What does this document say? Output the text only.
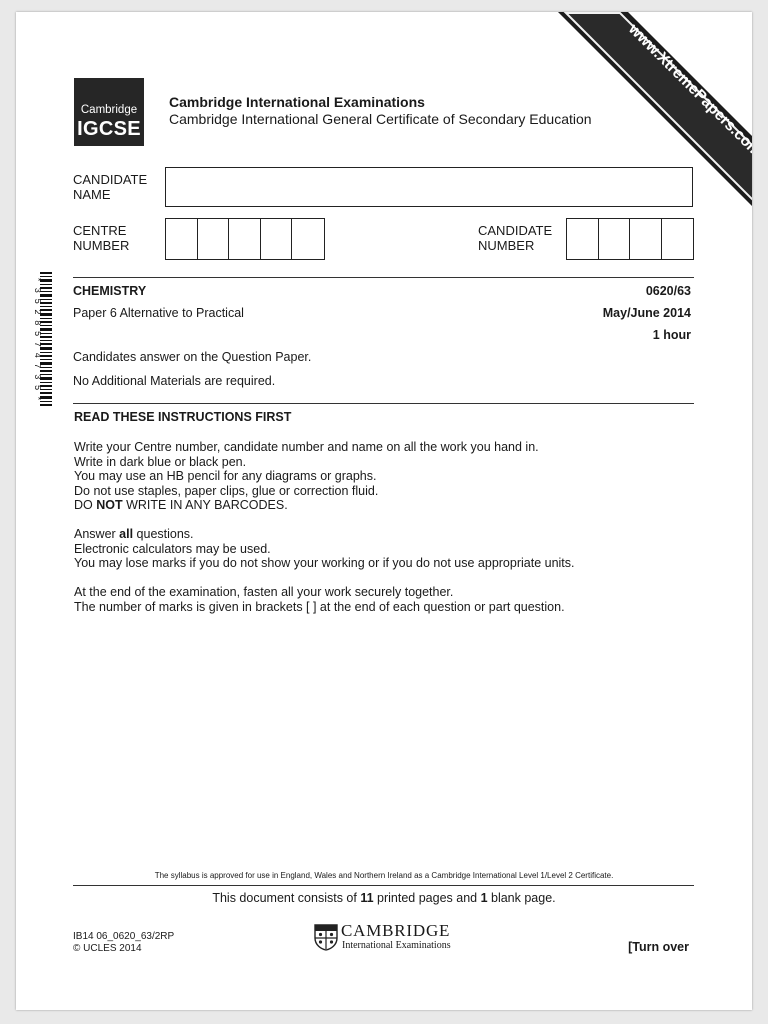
www.XtremePapers.com
* 3 5 2 8 5 7 4 7 3 5 *
Cambridge
IGCSE
Cambridge International Examinations
Cambridge International General Certificate of Secondary Education
CANDIDATE
NAME
CENTRE
NUMBER
CANDIDATE
NUMBER
CHEMISTRY	0620/63
Paper 6 Alternative to Practical	May/June 2014
1 hour
Candidates answer on the Question Paper.
No Additional Materials are required.
READ THESE INSTRUCTIONS FIRST
Write your Centre number, candidate number and name on all the work you hand in.
Write in dark blue or black pen.
You may use an HB pencil for any diagrams or graphs.
Do not use staples, paper clips, glue or correction fluid.
DO NOT WRITE IN ANY BARCODES.
Answer all questions.
Electronic calculators may be used.
You may lose marks if you do not show your working or if you do not use appropriate units.
At the end of the examination, fasten all your work securely together.
The number of marks is given in brackets [ ] at the end of each question or part question.
The syllabus is approved for use in England, Wales and Northern Ireland as a Cambridge International Level 1/Level 2 Certificate.
This document consists of 11 printed pages and 1 blank page.
IB14 06_0620_63/2RP
© UCLES 2014
CAMBRIDGE
International Examinations	[Turn over
